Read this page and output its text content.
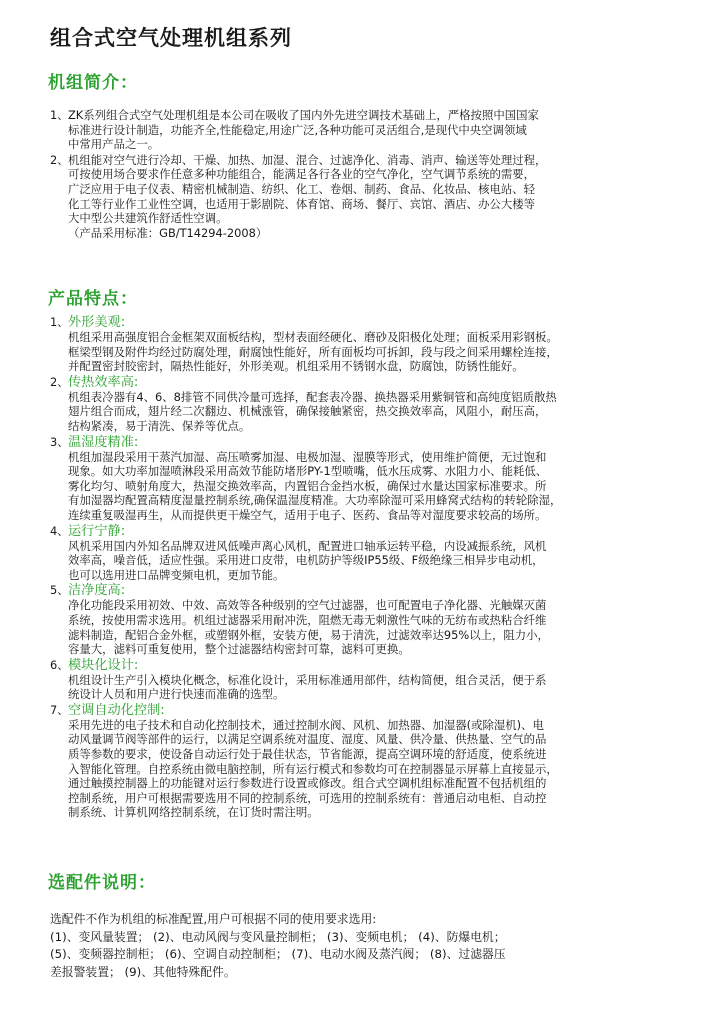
组合式空气处理机组系列
机组简介：
1、 ZK系列组合式空气处理机组是本公司在吸收了国内外先进空调技术基础上，严格按照中国国家
标准进行设计制造，功能齐全,性能稳定,用途广泛,各种功能可灵活组合,是现代中央空调领域
中常用产品之一。

2、 机组能对空气进行冷却、干燥、加热、加湿、混合、过滤净化、消毒、消声、输送等处理过程，
可按使用场合要求作任意多种功能组合，能满足各行各业的空气净化，空气调节系统的需要，
广泛应用于电子仪表、精密机械制造、纺织、化工、卷烟、制药、食品、化妆品、核电站、轻
化工等行业作工业性空调，也适用于影剧院、体育馆、商场、餐厅、宾馆、酒店、办公大楼等
大中型公共建筑作舒适性空调。
（产品采用标准：GB/T14294-2008）

产品特点：
1、 外形美观:

机组采用高强度铝合金框架双面板结构，型材表面经硬化、磨砂及阳极化处理；面板采用彩钢板。
框梁型钢及附件均经过防腐处理，耐腐蚀性能好，所有面板均可拆卸，段与段之间采用螺栓连接，
并配置密封胶密封，隔热性能好，外形美观。机组采用不锈钢水盘，防腐蚀，防锈性能好。

2、 传热效率高:

机组表冷器有4、6、8排管不同供冷量可选择，配套表冷器、换热器采用紫铜管和高纯度铝质散热
翅片组合而成，翅片经二次翻边、机械涨管，确保接触紧密，热交换效率高，风阻小，耐压高，
结构紧凑，易于清洗、保养等优点。

3、 温湿度精准:

机组加湿段采用干蒸汽加湿、高压喷雾加湿、电极加湿、湿膜等形式，使用维护简便，无过饱和
现象。如大功率加湿喷淋段采用高效节能防堵形PY-1型喷嘴，低水压成雾、水阻力小、能耗低、
雾化均匀、喷射角度大，热湿交换效率高，内置铝合金挡水板，确保过水量达国家标准要求。所
有加湿器均配置高精度湿量控制系统,确保温湿度精准。大功率除湿可采用蜂窝式结构的转轮除湿，
连续重复吸湿再生，从而提供更干燥空气，适用于电子、医药、食品等对湿度要求较高的场所。

4、 运行宁静:

风机采用国内外知名品牌双进风低噪声离心风机，配置进口轴承运转平稳，内设减振系统，风机
效率高，噪音低，适应性强。采用进口皮带，电机防护等级IP55级、F级绝缘三相异步电动机，
也可以选用进口品牌变频电机，更加节能。

5、 洁净度高:

净化功能段采用初效、中效、高效等各种级别的空气过滤器，也可配置电子净化器、光触媒灭菌
系统，按使用需求选用。机组过滤器采用耐冲洗，阻燃无毒无刺激性气味的无纺布或热粘合纤维
滤料制造，配铝合金外框，或塑钢外框，安装方便，易于清洗，过滤效率达95%以上，阻力小，
容量大，滤料可重复使用，整个过滤器结构密封可靠，滤料可更换。

6、 模块化设计:

机组设计生产引入模块化概念，标准化设计，采用标准通用部件，结构简便，组合灵活，便于系
统设计人员和用户进行快速而准确的选型。

7、 空调自动化控制:

采用先进的电子技术和自动化控制技术，通过控制水阀、风机、加热器、加湿器(或除湿机)、电
动风量调节阀等部件的运行，以满足空调系统对温度、湿度、风量、供冷量、供热量、空气的品
质等参数的要求，使设备自动运行处于最佳状态，节省能源，提高空调环境的舒适度，使系统进
入智能化管理。自控系统由微电脑控制，所有运行模式和参数均可在控制器显示屏幕上直接显示，
通过触摸控制器上的功能键对运行参数进行设置或修改。组合式空调机组标准配置不包括机组的
控制系统，用户可根据需要选用不同的控制系统，可选用的控制系统有：普通启动电柜、自动控
制系统、计算机网络控制系统，在订货时需注明。

选配件说明：

选配件不作为机组的标准配置,用户可根据不同的使用要求选用:
(1)、变风量装置； (2)、电动风阀与变风量控制柜； (3)、变频电机； (4)、防爆电机；
(5)、变频器控制柜； (6)、空调自动控制柜； (7)、电动水阀及蒸汽阀； (8)、过滤器压
差报警装置； (9)、其他特殊配件。
